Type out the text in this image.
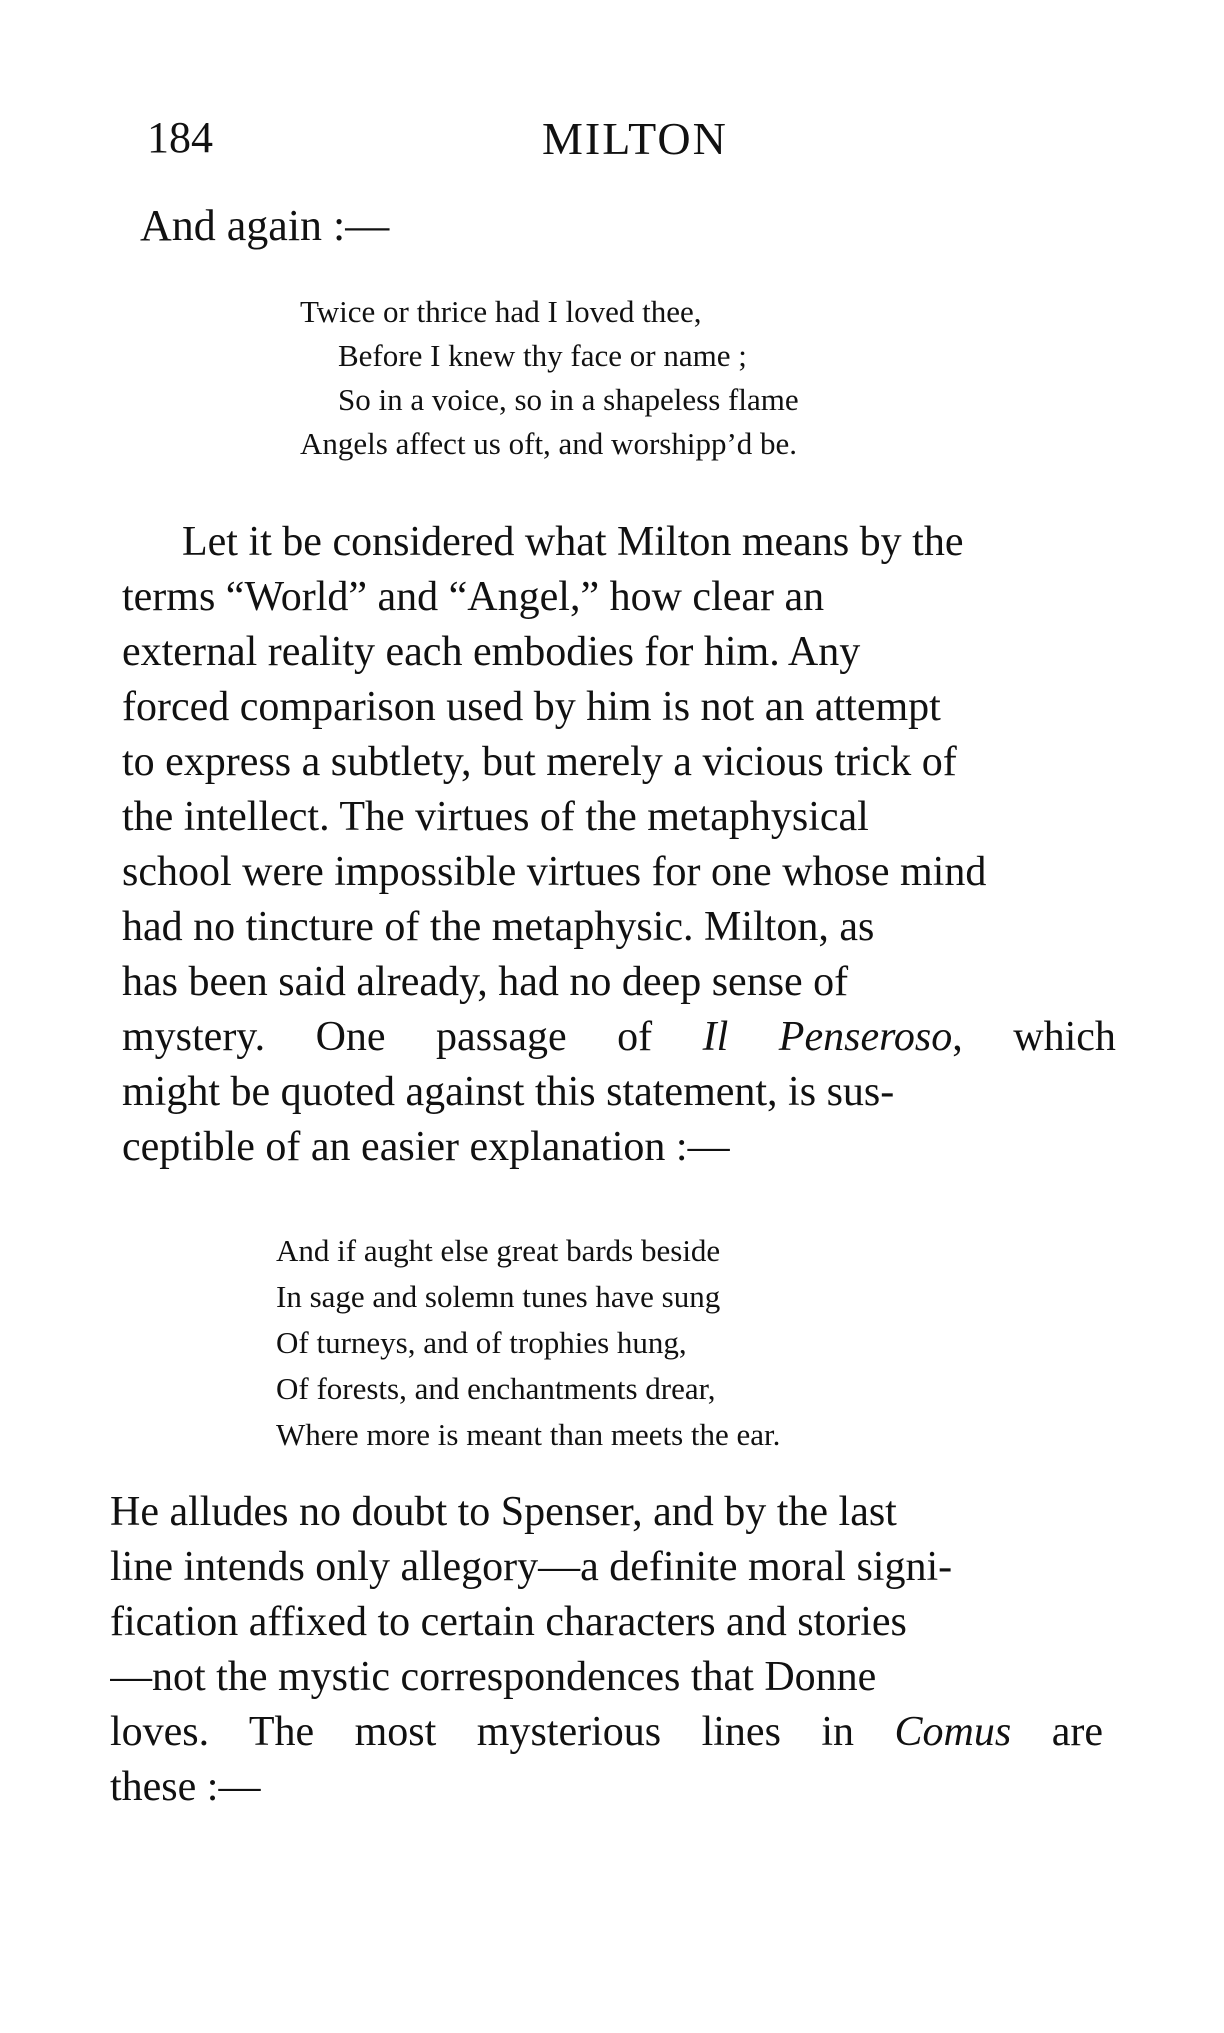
184	MILTON
And again :—
Twice or thrice had I loved thee,
Before I knew thy face or name ;
So in a voice, so in a shapeless flame
Angels affect us oft, and worshipp’d be.
Let it be considered what Milton means by the
terms “World” and “Angel,” how clear an
external reality each embodies for him. Any
forced comparison used by him is not an attempt
to express a subtlety, but merely a vicious trick of
the intellect. The virtues of the metaphysical
school were impossible virtues for one whose mind
had no tincture of the metaphysic. Milton, as
has been said already, had no deep sense of
mystery. One passage of Il Penseroso, which
might be quoted against this statement, is sus-
ceptible of an easier explanation :—
And if aught else great bards beside
In sage and solemn tunes have sung
Of turneys, and of trophies hung,
Of forests, and enchantments drear,
Where more is meant than meets the ear.
He alludes no doubt to Spenser, and by the last
line intends only allegory—a definite moral signi-
fication affixed to certain characters and stories
—not the mystic correspondences that Donne
loves. The most mysterious lines in Comus are
these :—
